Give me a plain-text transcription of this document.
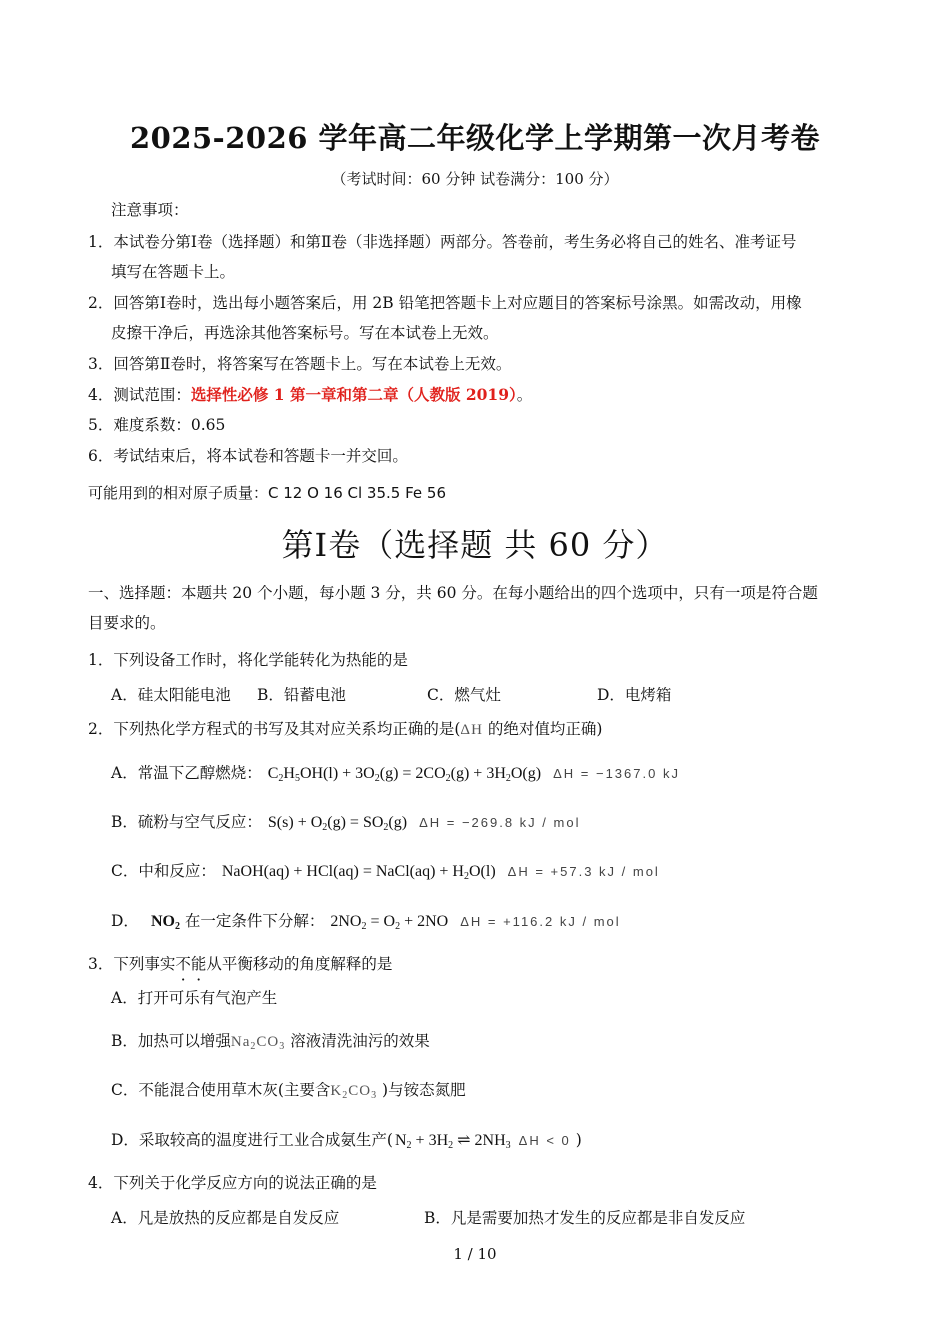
2025-2026 学年高二年级化学上学期第一次月考卷
（考试时间：60 分钟 试卷满分：100 分）
注意事项：
1．本试卷分第Ⅰ卷（选择题）和第Ⅱ卷（非选择题）两部分。答卷前，考生务必将自己的姓名、准考证号
填写在答题卡上。
2．回答第Ⅰ卷时，选出每小题答案后，用 2B 铅笔把答题卡上对应题目的答案标号涂黑。如需改动，用橡
皮擦干净后，再选涂其他答案标号。写在本试卷上无效。
3．回答第Ⅱ卷时，将答案写在答题卡上。写在本试卷上无效。
4．测试范围：选择性必修 1 第一章和第二章（人教版 2019）。
5．难度系数：0.65
6．考试结束后，将本试卷和答题卡一并交回。
可能用到的相对原子质量：C 12 O 16 Cl 35.5 Fe 56
第Ⅰ卷（选择题 共 60 分）
一、选择题：本题共 20 个小题，每小题 3 分，共 60 分。在每小题给出的四个选项中，只有一项是符合题
目要求的。
1．下列设备工作时，将化学能转化为热能的是
A．硅太阳能电池 B．铅蓄电池	C．燃气灶	D．电烤箱
2．下列热化学方程式的书写及其对应关系均正确的是(ΔH 的绝对值均正确)
A．常温下乙醇燃烧： $C_2H_5OH(l) + 3O_2(g) = 2CO_2(g) + 3H_2O(g) \Delta H = -1367.0$ kJ
B．硫粉与空气反应： $S(s) + O_2(g) = SO_2(g) \Delta H = -269.8$ kJ / mol
C．中和反应： NaOH(aq) + HCl(aq) = NaCl(aq) + $H_2O(l) \Delta H = +57.3$ kJ / mol
D． $NO_2$ 在一定条件下分解： $2NO_2 = O_2 + 2NO$ ΔH = +116.2 kJ / mol
3．下列事实不能从平衡移动的角度解释的是
A．打开可乐有气泡产生
B．加热可以增强$Na_2CO_3$ 溶液清洗油污的效果
C．不能混合使用草木灰(主要含$K_2CO_3$ )与铵态氮肥
D．采取较高的温度进行工业合成氨生产( $N_2 + 3H_2$ ⇌ $2NH_3$ ΔH < 0 )
4．下列关于化学反应方向的说法正确的是
A．凡是放热的反应都是自发反应	B．凡是需要加热才发生的反应都是非自发反应
1 / 10
